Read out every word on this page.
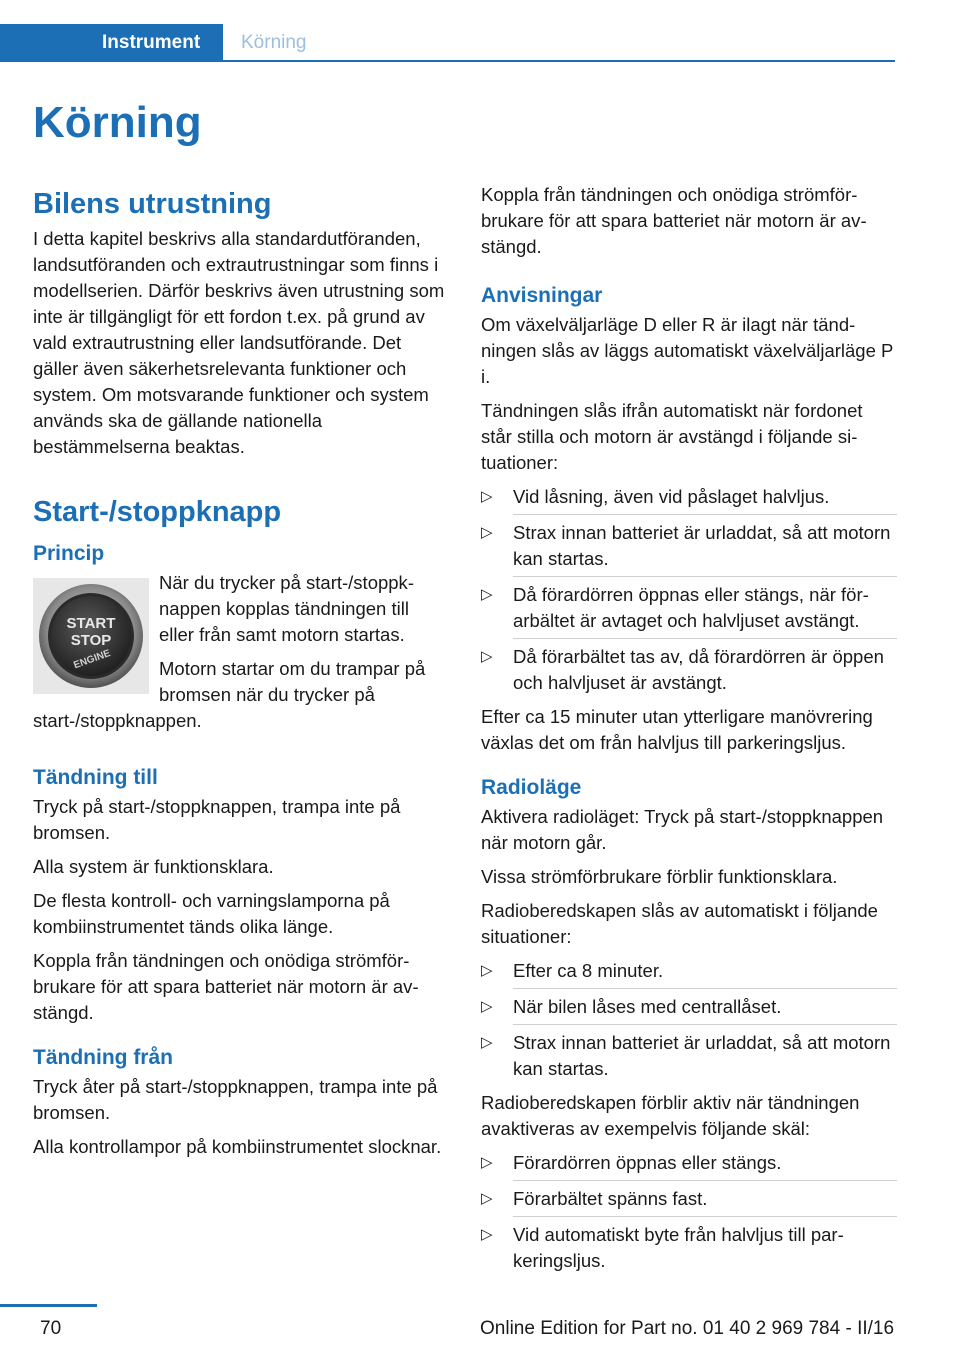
Instrument	Körning
Körning
Bilens utrustning

I detta kapitel beskrivs alla standardutföranden, landsutföranden och extrautrustningar som finns i modellserien. Därför beskrivs även utrustning som inte är tillgängligt för ett fordon t.ex. på grund av vald extrautrustning eller landsutförande. Det gäller även säkerhetsrelevanta funktioner och system. Om motsvarande funktioner och system används ska de gällande nationella bestämmelserna beaktas.

Start-/stoppknapp
Princip
START
STOP
ENGINE

När du trycker på start-/stoppknappen kopplas tändningen till eller från samt motorn startas.

Motorn startar om du trampar på bromsen när du trycker på start-/stoppknappen.

Tändning till

Tryck på start-/stoppknappen, trampa inte på bromsen.

Alla system är funktionsklara.

De flesta kontroll- och varningslamporna på kombiinstrumentet tänds olika länge.

Koppla från tändningen och onödiga strömförbrukare för att spara batteriet när motorn är avstängd.

Tändning från

Tryck åter på start-/stoppknappen, trampa inte på bromsen.

Alla kontrollampor på kombiinstrumentet slocknar.

Koppla från tändningen och onödiga strömförbrukare för att spara batteriet när motorn är avstängd.

Anvisningar

Om växelväljarläge D eller R är ilagt när tändningen slås av läggs automatiskt växelväljarläge P i.

Tändningen slås ifrån automatiskt när fordonet står stilla och motorn är avstängd i följande situationer:

▷ Vid låsning, även vid påslaget halvljus.
▷ Strax innan batteriet är urladdat, så att motorn kan startas.
▷ Då förardörren öppnas eller stängs, när förarbältet är avtaget och halvljuset avstängt.
▷ Då förarbältet tas av, då förardörren är öppen och halvljuset är avstängt.

Efter ca 15 minuter utan ytterligare manövrering växlas det om från halvljus till parkeringsljus.

Radioläge

Aktivera radioläget: Tryck på start-/stoppknappen när motorn går.

Vissa strömförbrukare förblir funktionsklara.

Radioberedskapen slås av automatiskt i följande situationer:

▷ Efter ca 8 minuter.
▷ När bilen låses med centrallåset.
▷ Strax innan batteriet är urladdat, så att motorn kan startas.

Radioberedskapen förblir aktiv när tändningen avaktiveras av exempelvis följande skäl:

▷ Förardörren öppnas eller stängs.
▷ Förarbältet spänns fast.
▷ Vid automatiskt byte från halvljus till parkeringsljus.
70	Online Edition for Part no. 01 40 2 969 784 - II/16
